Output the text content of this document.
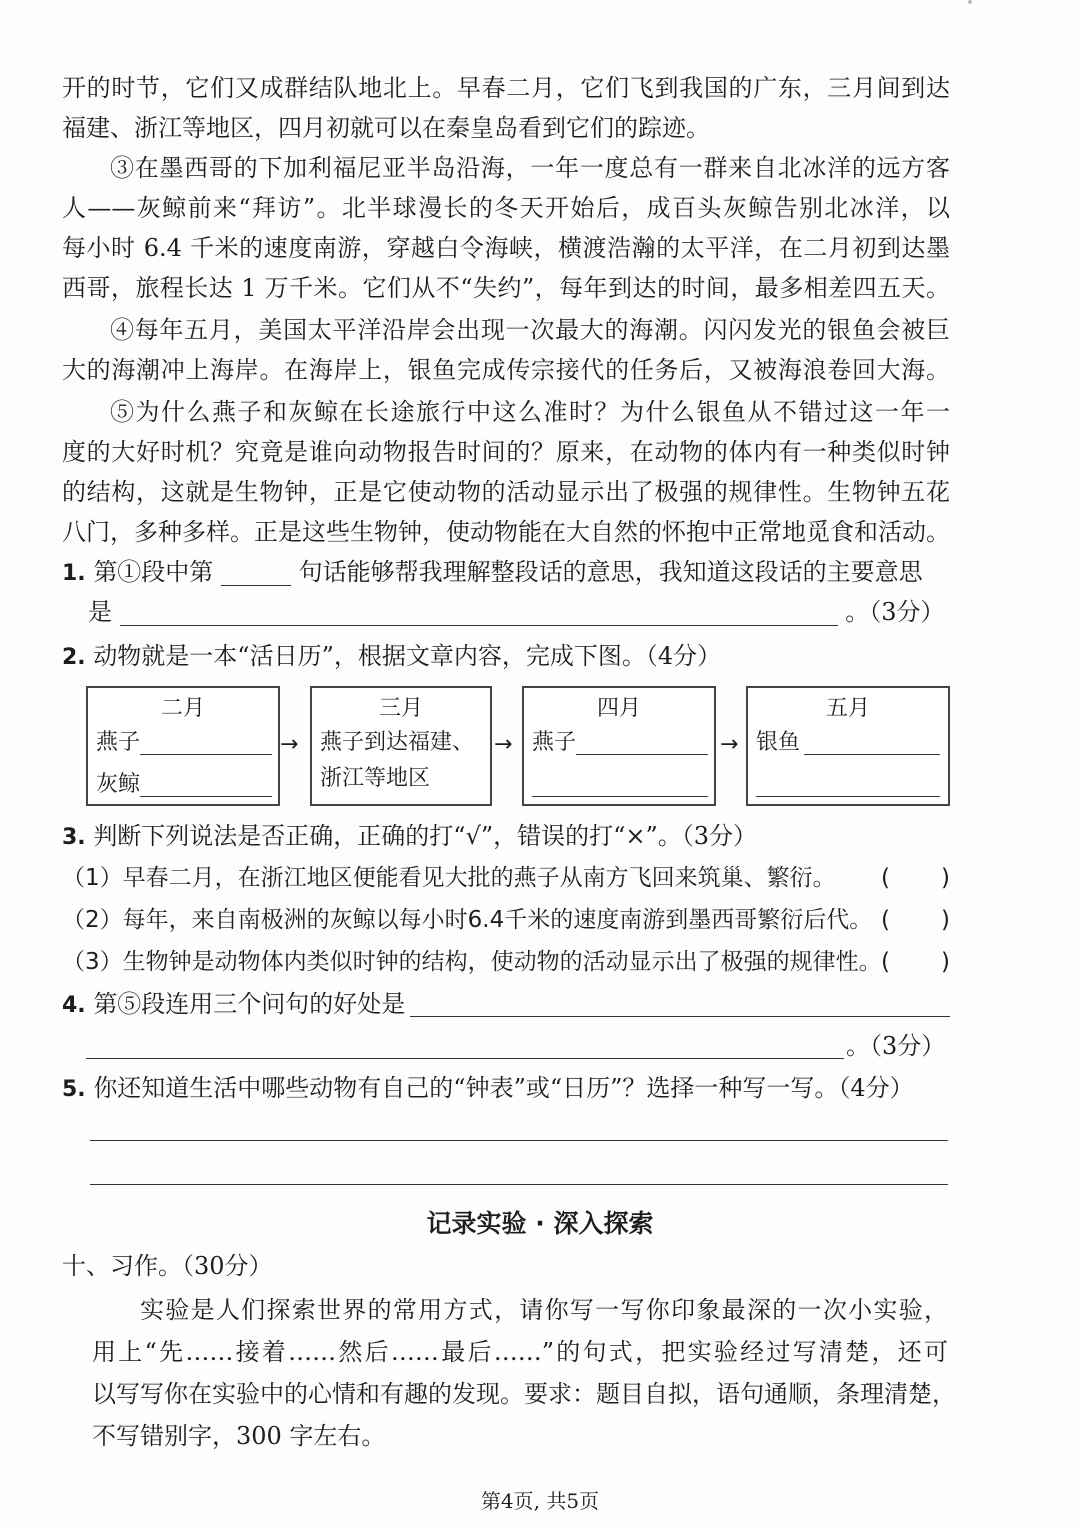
开的时节，它们又成群结队地北上。早春二月，它们飞到我国的广东，三月间到达
福建、浙江等地区，四月初就可以在秦皇岛看到它们的踪迹。
③在墨西哥的下加利福尼亚半岛沿海，一年一度总有一群来自北冰洋的远方客
人——灰鲸前来“拜访”。北半球漫长的冬天开始后，成百头灰鲸告别北冰洋，以
每小时 6.4 千米的速度南游，穿越白令海峡，横渡浩瀚的太平洋，在二月初到达墨
西哥，旅程长达 1 万千米。它们从不“失约”，每年到达的时间，最多相差四五天。
④每年五月，美国太平洋沿岸会出现一次最大的海潮。闪闪发光的银鱼会被巨
大的海潮冲上海岸。在海岸上，银鱼完成传宗接代的任务后，又被海浪卷回大海。
⑤为什么燕子和灰鲸在长途旅行中这么准时？为什么银鱼从不错过这一年一
度的大好时机？究竟是谁向动物报告时间的？原来，在动物的体内有一种类似时钟
的结构，这就是生物钟，正是它使动物的活动显示出了极强的规律性。生物钟五花
八门，多种多样。正是这些生物钟，使动物能在大自然的怀抱中正常地觅食和活动。
1. 第①段中第	句话能够帮我理解整段话的意思，我知道这段话的主要意思
是	。（3分）
2. 动物就是一本“活日历”，根据文章内容，完成下图。（4分）
二月
燕子
灰鲸
→
三月
燕子到达福建、
浙江等地区
→
四月
燕子	→
五月
银鱼
3. 判断下列说法是否正确，正确的打“√”，错误的打“×”。（3分）
（1）早春二月，在浙江地区便能看见大批的燕子从南方飞回来筑巢、繁衍。 ( )
（2）每年，来自南极洲的灰鲸以每小时6.4千米的速度南游到墨西哥繁衍后代。 ( )
（3）生物钟是动物体内类似时钟的结构，使动物的活动显示出了极强的规律性。 ( )
4. 第⑤段连用三个问句的好处是
。（3分）
5. 你还知道生活中哪些动物有自己的“钟表”或“日历”？选择一种写一写。（4分）
记录实验 · 深入探索
十、习作。（30分）
实验是人们探索世界的常用方式，请你写一写你印象最深的一次小实验，
用上“先……接着……然后……最后……”的句式，把实验经过写清楚，还可
以写写你在实验中的心情和有趣的发现。要求：题目自拟，语句通顺，条理清楚，
不写错别字，300 字左右。
第4页, 共5页
